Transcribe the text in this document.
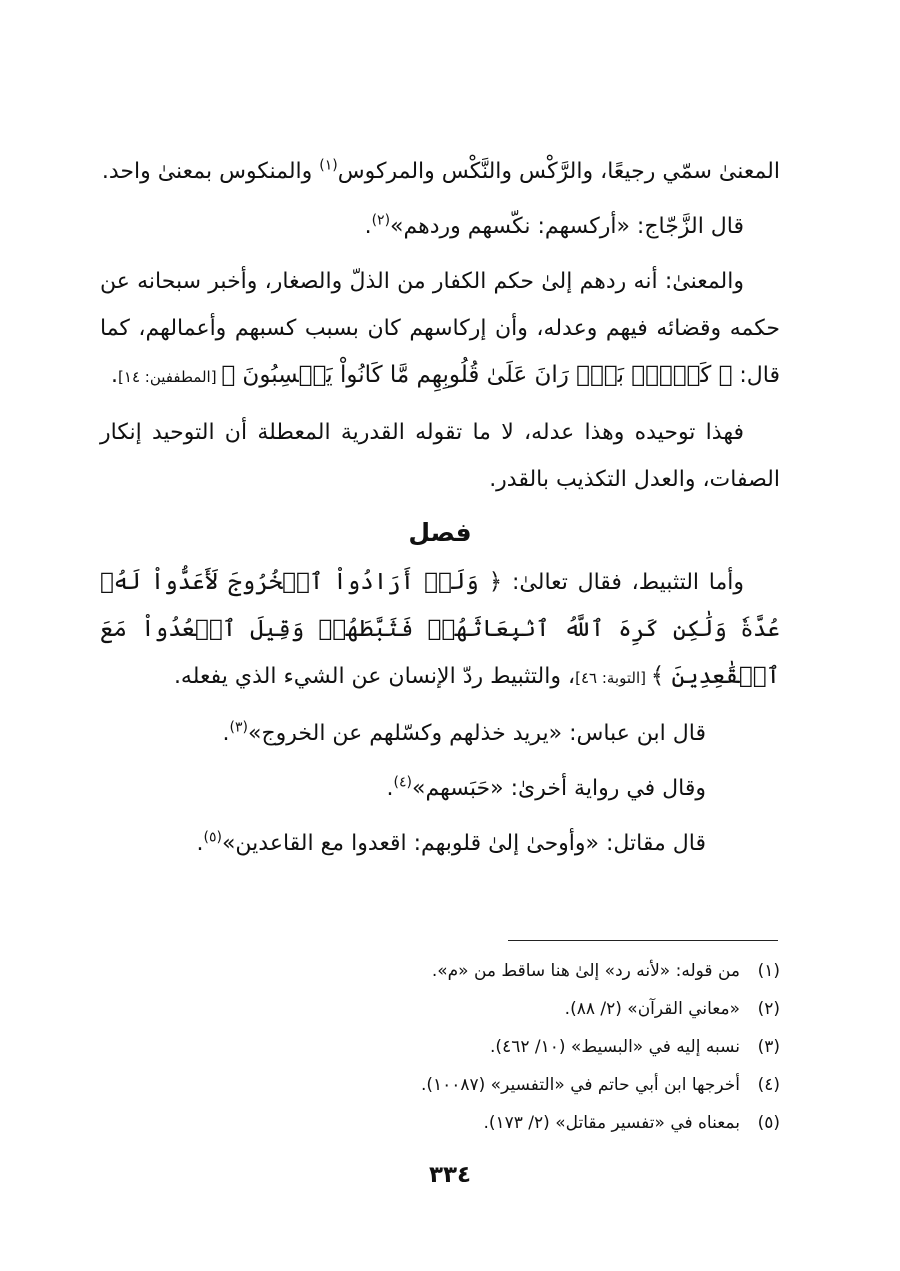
المعنىٰ سمّي رجيعًا، والرَّكْس والنَّكْس والمركوس$^{(١)}$ والمنكوس بمعنىٰ واحد.

قال الزَّجّاج: «أركسهم: نكّسهم وردهم»$^{(٢)}$.

والمعنىٰ: أنه ردهم إلىٰ حكم الكفار من الذلّ والصغار، وأخبر سبحانه عن حكمه وقضائه فيهم وعدله، وأن إركاسهم كان بسبب كسبهم وأعمالهم، كما قال: ﴿ كَلَّاۖ بَلۡۜ رَانَ عَلَىٰ قُلُوبِهِم مَّا كَانُواْ يَكۡسِبُونَ ﴾ [المطففين: ١٤].

فهذا توحيده وهذا عدله، لا ما تقوله القدرية المعطلة أن التوحيد إنكار الصفات، والعدل التكذيب بالقدر.

فصل

وأما التثبيط، فقال تعالىٰ: ﴿ وَلَوۡ أَرَادُواْ ٱلۡخُرُوجَ لَأَعَدُّواْ لَهُۥ عُدَّةٗ وَلَٰكِن كَرِهَ ٱللَّهُ ٱنۢبِعَاثَهُمۡ فَثَبَّطَهُمۡ وَقِيلَ ٱقۡعُدُواْ مَعَ ٱلۡقَٰعِدِينَ ﴾ [التوبة: ٤٦]، والتثبيط ردّ الإنسان عن الشيء الذي يفعله.

قال ابن عباس: «يريد خذلهم وكسّلهم عن الخروج»$^{(٣)}$.

وقال في رواية أخرىٰ: «حَبَسهم»$^{(٤)}$.

قال مقاتل: «وأوحىٰ إلىٰ قلوبهم: اقعدوا مع القاعدين»$^{(٥)}$.

(١)
من قوله: «لأنه رد» إلىٰ هنا ساقط من «م».
(٢)
«معاني القرآن» (٢/ ٨٨).
(٣)
نسبه إليه في «البسيط» (١٠/ ٤٦٢).
(٤)
أخرجها ابن أبي حاتم في «التفسير» (١٠٠٨٧).
(٥)
بمعناه في «تفسير مقاتل» (٢/ ١٧٣).
٣٣٤
